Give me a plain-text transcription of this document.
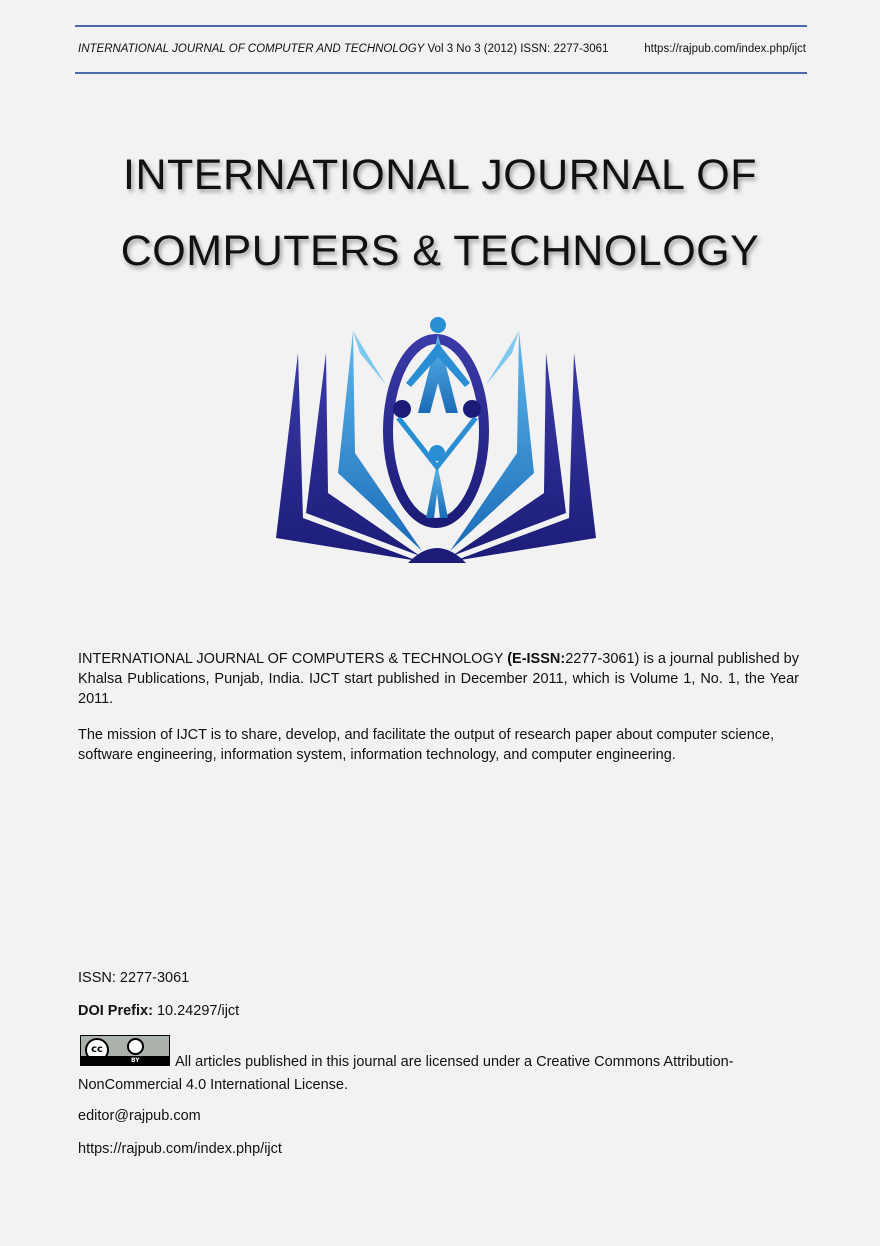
INTERNATIONAL JOURNAL OF COMPUTER AND TECHNOLOGY Vol 3 No 3 (2012) ISSN: 2277-3061	https://rajpub.com/index.php/ijct
INTERNATIONAL JOURNAL OF
COMPUTERS & TECHNOLOGY

INTERNATIONAL JOURNAL OF COMPUTERS & TECHNOLOGY (E-ISSN:2277-3061) is a journal published by Khalsa Publications, Punjab, India. IJCT start published in December 2011, which is Volume 1, No. 1, the Year 2011.

The mission of IJCT is to share, develop, and facilitate the output of research paper about computer science, software engineering, information system, information technology, and computer engineering.

ISSN: 2277-3061
DOI Prefix: 10.24297/ijct
cc
BY	All articles published in this journal are licensed under a Creative Commons Attribution-NonCommercial 4.0 International License.
editor@rajpub.com
https://rajpub.com/index.php/ijct
